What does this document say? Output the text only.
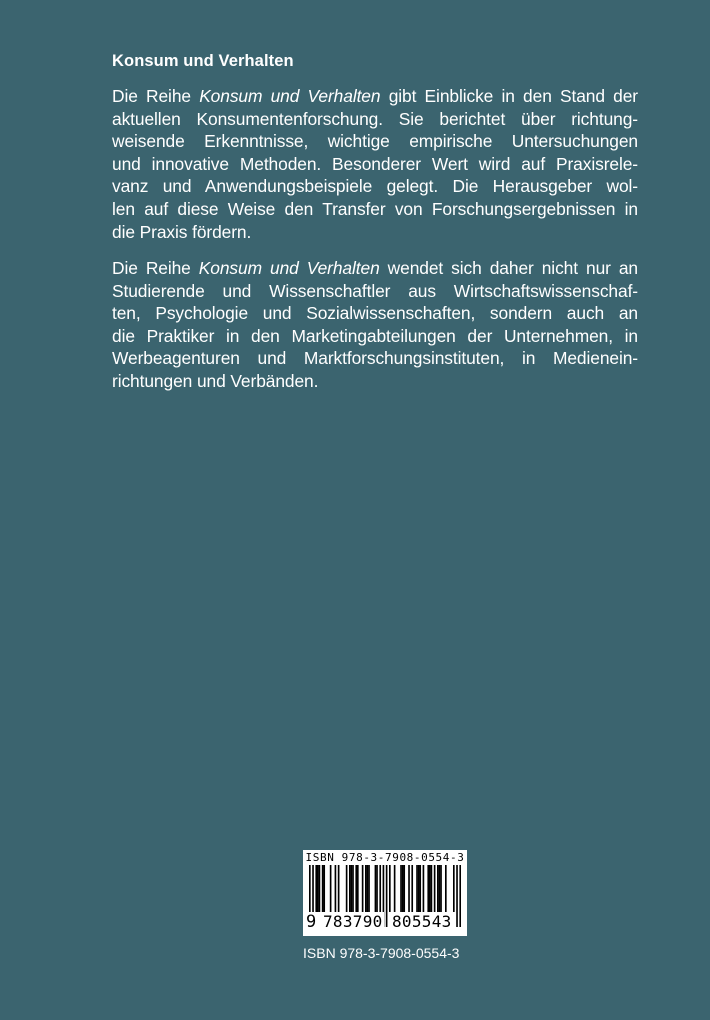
Konsum und Verhalten

Die Reihe Konsum und Verhalten gibt Einblicke in den Stand der
aktuellen Konsumentenforschung. Sie berichtet über richtung-
weisende Erkenntnisse, wichtige empirische Untersuchungen
und innovative Methoden. Besonderer Wert wird auf Praxisrele-
vanz und Anwendungsbeispiele gelegt. Die Herausgeber wol-
len auf diese Weise den Transfer von Forschungsergebnissen in
die Praxis fördern.

Die Reihe Konsum und Verhalten wendet sich daher nicht nur an
Studierende und Wissenschaftler aus Wirtschaftswissenschaf-
ten, Psychologie und Sozialwissenschaften, sondern auch an
die Praktiker in den Marketingabteilungen der Unternehmen, in
Werbeagenturen und Marktforschungsinstituten, in Medienein-
richtungen und Verbänden.

ISBN 978-3-7908-0554-3
9 783790 805543
ISBN 978-3-7908-0554-3
